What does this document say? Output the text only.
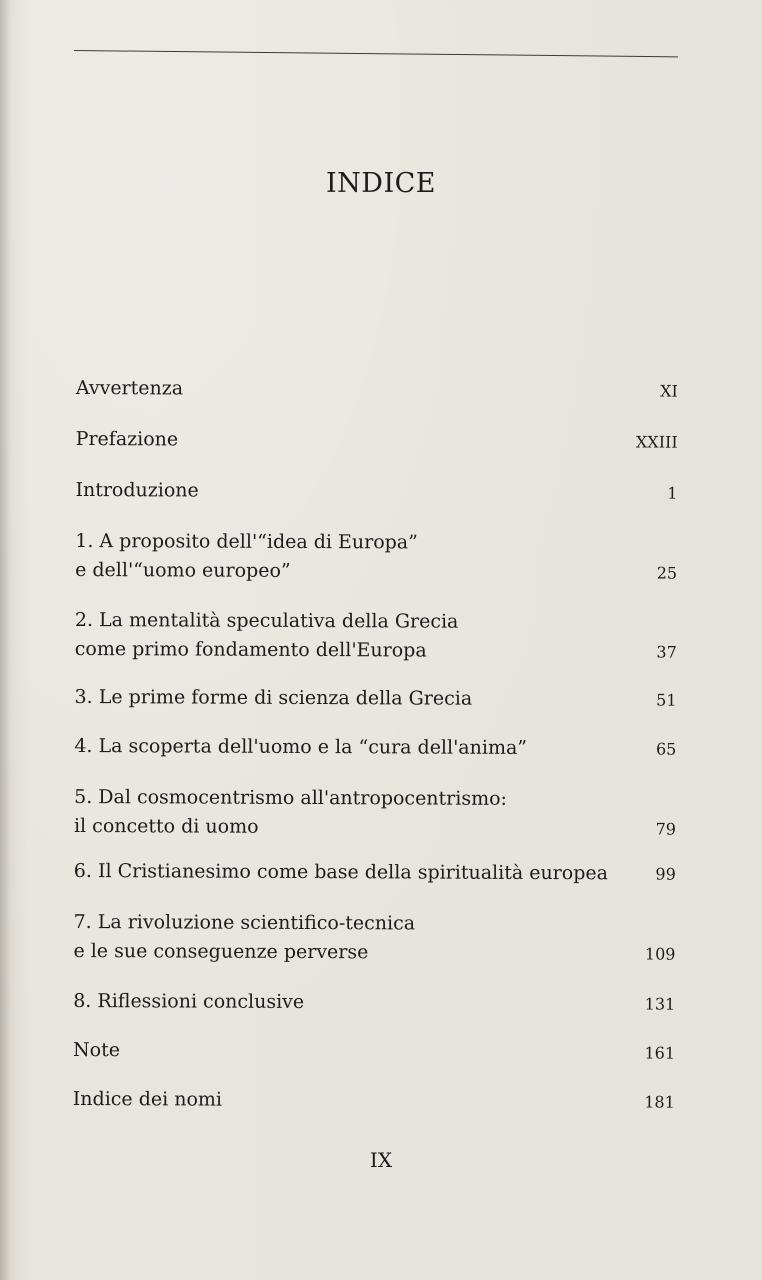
INDICE
Avvertenza	XI
Prefazione	XXIII
Introduzione	1
1. A proposito dell'“idea di Europa”
e dell'“uomo europeo”	25
2. La mentalità speculativa della Grecia
come primo fondamento dell'Europa	37
3. Le prime forme di scienza della Grecia	51
4. La scoperta dell'uomo e la “cura dell'anima”	65
5. Dal cosmocentrismo all'antropocentrismo:
il concetto di uomo	79
6. Il Cristianesimo come base della spiritualità europea	99
7. La rivoluzione scientifico-tecnica
e le sue conseguenze perverse	109
8. Riflessioni conclusive	131
Note	161
Indice dei nomi	181
IX
